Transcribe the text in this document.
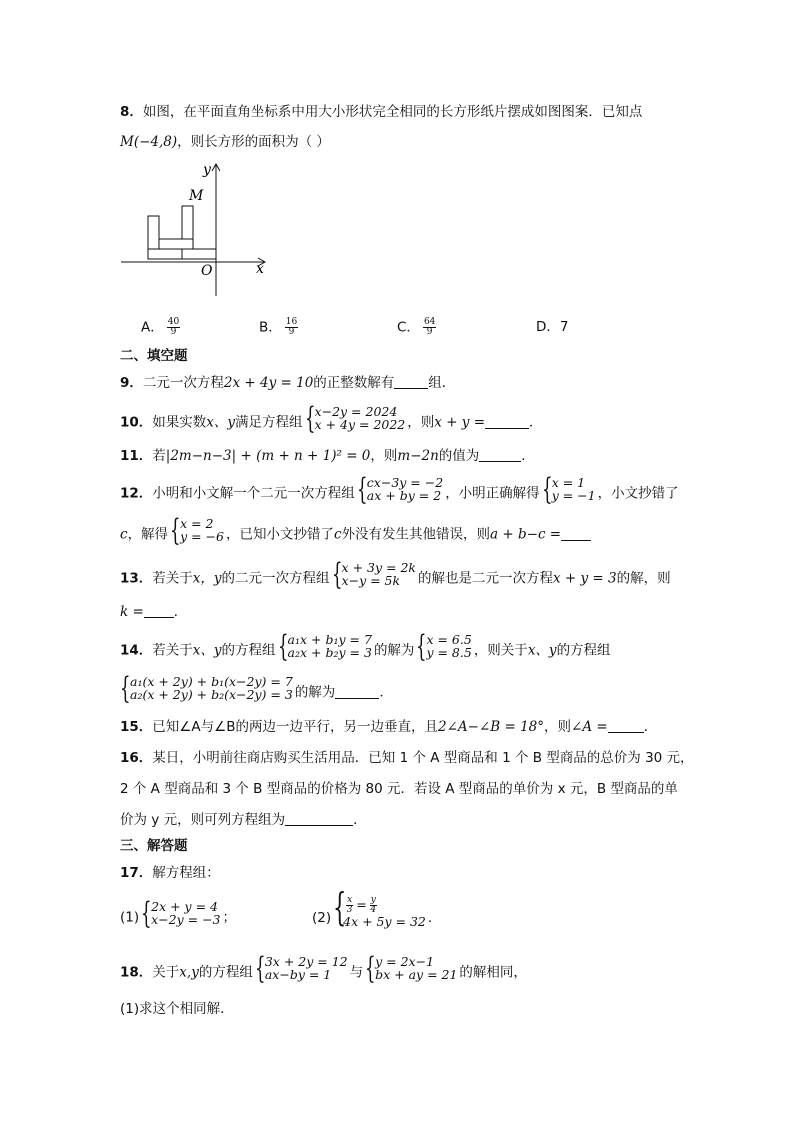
8．如图，在平面直角坐标系中用大小形状完全相同的长方形纸片摆成如图图案．已知点
M(−4,8)，则长方形的面积为（ ）
y
x
O
M
A． $\frac{40}{9}$	B． $\frac{16}{9}$	C． $\frac{64}{9}$	D．7
二、填空题
9．二元一次方程2x + 4y = 10的正整数解有	组．
10．如果实数x、y满足方程组 { x−2y = 2024
x + 4y = 2022 ，则x + y =	．
11．若|2m−n−3| + (m + n + 1)² = 0，则m−2n的值为	．
12．小明和小文解一个二元一次方程组 { cx−3y = −2
ax + by = 2 ，小明正确解得 { x = 1
y = −1 ，小文抄错了
c，解得 { x = 2
y = −6 ，已知小文抄错了c外没有发生其他错误，则a + b−c =
13．若关于x，y的二元一次方程组 { x + 3y = 2k
x−y = 5k	的解也是二元一次方程x + y = 3的解，则
k = ．
14．若关于x、y的方程组 { a₁x + b₁y = 7
a₂x + b₂y = 3 的解为 { x = 6.5
y = 8.5 ，则关于x、y的方程组
{ a₁(x + 2y) + b₁(x−2y) = 7
a₂(x + 2y) + b₂(x−2y) = 3 的解为	．
15．已知∠A与∠B的两边一边平行，另一边垂直，且2∠A−∠B = 18°，则∠A =	．
16．某日，小明前往商店购买生活用品．已知 1 个 A 型商品和 1 个 B 型商品的总价为 30 元，
2 个 A 型商品和 3 个 B 型商品的价格为 80 元．若设 A 型商品的单价为 x 元，B 型商品的单
价为 y 元，则可列方程组为	．
三、解答题
17．解方程组：
(1) { 2x + y = 4
x−2y = −3 ；	(2) { $\frac{x}{3} = \frac{y}{4}$
4x + 5y = 32 ．
18．关于x,y的方程组 { 3x + 2y = 12
ax−by = 1	与 { y = 2x−1
bx + ay = 21 的解相同，
(1)求这个相同解．
